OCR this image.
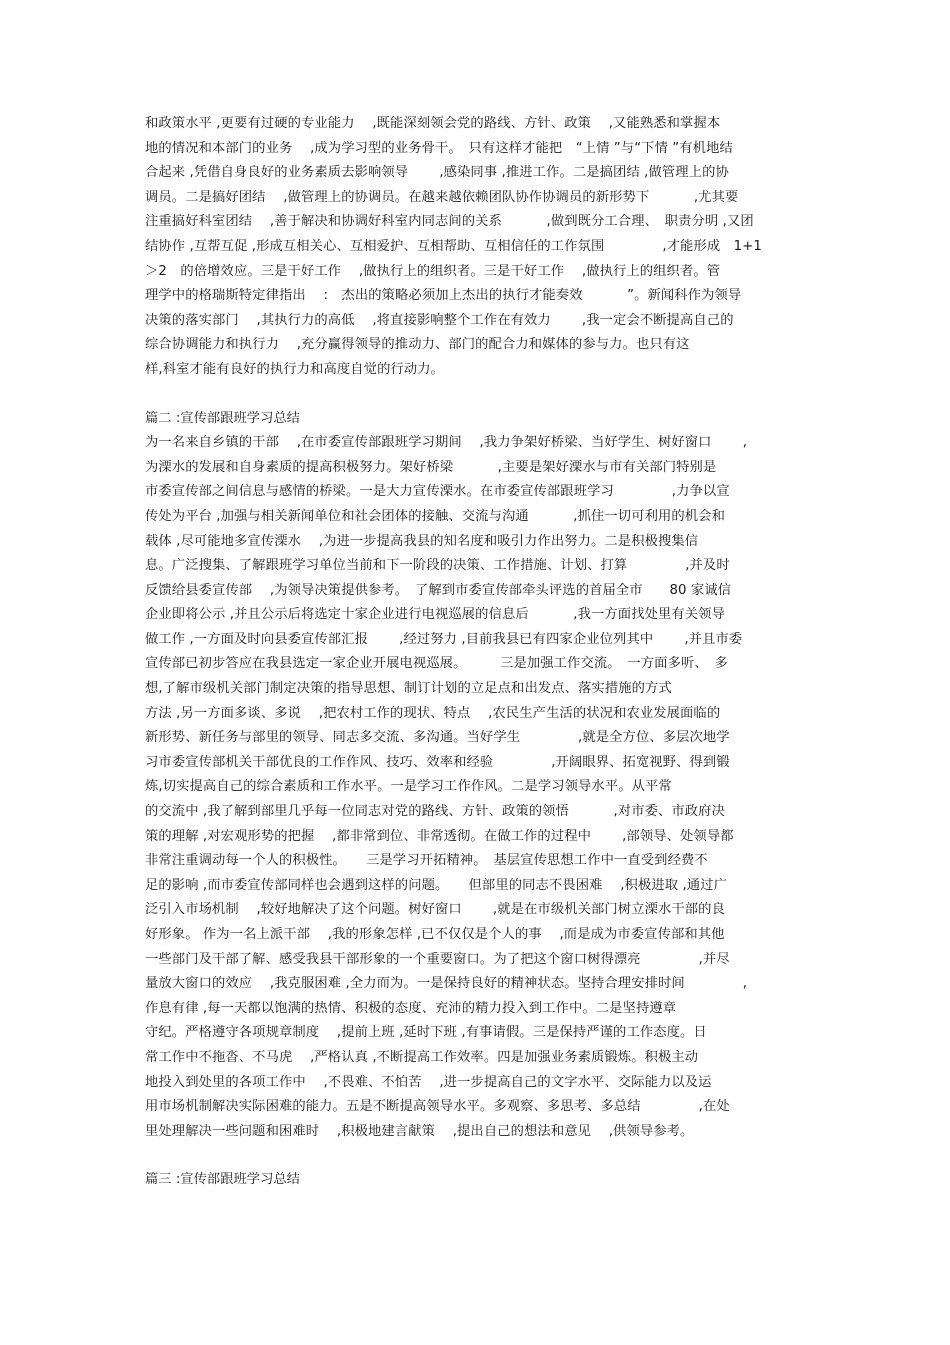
和政策水平 ,更要有过硬的专业能力　 ,既能深刻领会党的路线、方针、政策　 ,又能熟悉和掌握本
地的情况和本部门的业务　 ,成为学习型的业务骨干。　只有这样才能把　“上情 ”与“下情 ”有机地结
合起来 ,凭借自身良好的业务素质去影响领导　　 ,感染同事 ,推进工作。二是搞团结 ,做管理上的协
调员。二是搞好团结　 ,做管理上的协调员。在越来越依赖团队协作协调员的新形势下　　　 ,尤其要
注重搞好科室团结　 ,善于解决和协调好科室内同志间的关系　　　 ,做到既分工合理、　职责分明 ,又团
结协作 ,互帮互促 ,形成互相关心、互相爱护、互相帮助、互相信任的工作氛围　　　　 ,才能形成　1+1
＞2　的倍增效应。三是干好工作　 ,做执行上的组织者。三是干好工作　 ,做执行上的组织者。管
理学中的格瑞斯特定律指出　 :　杰出的策略必须加上杰出的执行才能奏效　　　 ”。新闻科作为领导
决策的落实部门　 ,其执行力的高低　 ,将直接影响整个工作在有效力　　 ,我一定会不断提高自己的
综合协调能力和执行力　 ,充分赢得领导的推动力、部门的配合力和媒体的参与力。也只有这
样,科室才能有良好的执行力和高度自觉的行动力。
篇二 :宣传部跟班学习总结
为一名来自乡镇的干部　 ,在市委宣传部跟班学习期间　 ,我力争架好桥梁、当好学生、树好窗口　　 ,
为溧水的发展和自身素质的提高积极努力。架好桥梁　　　 ,主要是架好溧水与市有关部门特别是
市委宣传部之间信息与感情的桥梁。一是大力宣传溧水。在市委宣传部跟班学习　　　　 ,力争以宣
传处为平台 ,加强与相关新闻单位和社会团体的接触、交流与沟通　　　 ,抓住一切可利用的机会和
载体 ,尽可能地多宣传溧水　 ,为进一步提高我县的知名度和吸引力作出努力。二是积极搜集信
息。广泛搜集、了解跟班学习单位当前和下一阶段的决策、工作措施、计划、打算　　　　 ,并及时
反馈给县委宣传部　 ,为领导决策提供参考。　了解到市委宣传部牵头评选的首届全市　　80 家诚信
企业即将公示 ,并且公示后将选定十家企业进行电视巡展的信息后　　　 ,我一方面找处里有关领导
做工作 ,一方面及时向县委宣传部汇报　　 ,经过努力 ,目前我县已有四家企业位列其中　　 ,并且市委
宣传部已初步答应在我县选定一家企业开展电视巡展。　　　三是加强工作交流。　一方面多听、　多
想,了解市级机关部门制定决策的指导思想、制订计划的立足点和出发点、落实措施的方式
方法 ,另一方面多谈、多说　 ,把农村工作的现状、特点　 ,农民生产生活的状况和农业发展面临的
新形势、新任务与部里的领导、同志多交流、多沟通。当好学生　　　　 ,就是全方位、多层次地学
习市委宣传部机关干部优良的工作作风、技巧、效率和经验　　　　 ,开阔眼界、拓宽视野、得到锻
炼,切实提高自己的综合素质和工作水平。一是学习工作作风。二是学习领导水平。从平常
的交流中 ,我了解到部里几乎每一位同志对党的路线、方针、政策的领悟　　　 ,对市委、市政府决
策的理解 ,对宏观形势的把握　 ,都非常到位、非常透彻。在做工作的过程中　　 ,部领导、处领导都
非常注重调动每一个人的积极性。　　三是学习开拓精神。　基层宣传思想工作中一直受到经费不
足的影响 ,而市委宣传部同样也会遇到这样的问题。　　但部里的同志不畏困难　 ,积极进取 ,通过广
泛引入市场机制　 ,较好地解决了这个问题。树好窗口　　 ,就是在市级机关部门树立溧水干部的良
好形象。 作为一名上派干部　 ,我的形象怎样 ,已不仅仅是个人的事　 ,而是成为市委宣传部和其他
一些部门及干部了解、感受我县干部形象的一个重要窗口。为了把这个窗口树得漂亮　　　　 ,并尽
量放大窗口的效应　 ,我克服困难 ,全力而为。一是保持良好的精神状态。坚持合理安排时间　　　　 ,
作息有律 ,每一天都以饱满的热情、积极的态度、充沛的精力投入到工作中。二是坚持遵章
守纪。严格遵守各项规章制度　 ,提前上班 ,延时下班 ,有事请假。三是保持严谨的工作态度。日
常工作中不拖沓、不马虎　 ,严格认真 ,不断提高工作效率。四是加强业务素质锻炼。积极主动
地投入到处里的各项工作中　 ,不畏难、不怕苦　 ,进一步提高自己的文字水平、交际能力以及运
用市场机制解决实际困难的能力。五是不断提高领导水平。多观察、多思考、多总结　　　　 ,在处
里处理解决一些问题和困难时　 ,积极地建言献策　 ,提出自己的想法和意见　 ,供领导参考。
篇三 :宣传部跟班学习总结
